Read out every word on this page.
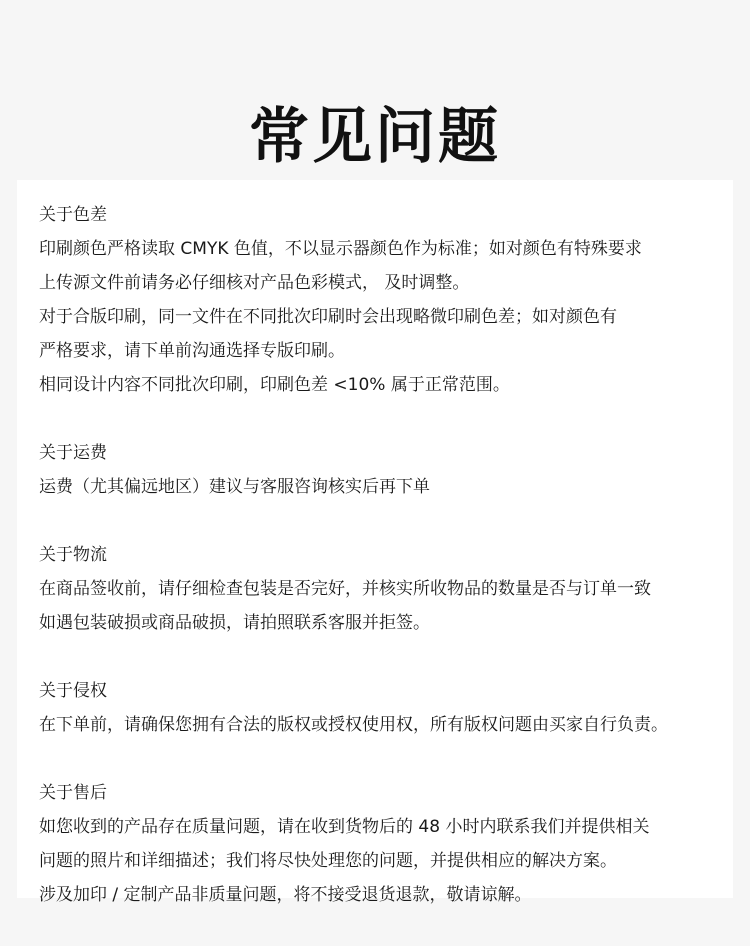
常见问题
关于色差
印刷颜色严格读取 CMYK 色值，不以显示器颜色作为标准；如对颜色有特殊要求
上传源文件前请务必仔细核对产品色彩模式， 及时调整。
对于合版印刷，同一文件在不同批次印刷时会出现略微印刷色差；如对颜色有
严格要求，请下单前沟通选择专版印刷。
相同设计内容不同批次印刷，印刷色差 <10% 属于正常范围。
关于运费
运费（尤其偏远地区）建议与客服咨询核实后再下单
关于物流
在商品签收前，请仔细检查包装是否完好，并核实所收物品的数量是否与订单一致
如遇包装破损或商品破损，请拍照联系客服并拒签。
关于侵权
在下单前，请确保您拥有合法的版权或授权使用权，所有版权问题由买家自行负责。
关于售后
如您收到的产品存在质量问题，请在收到货物后的 48 小时内联系我们并提供相关
问题的照片和详细描述；我们将尽快处理您的问题，并提供相应的解决方案。
涉及加印 / 定制产品非质量问题，将不接受退货退款，敬请谅解。
